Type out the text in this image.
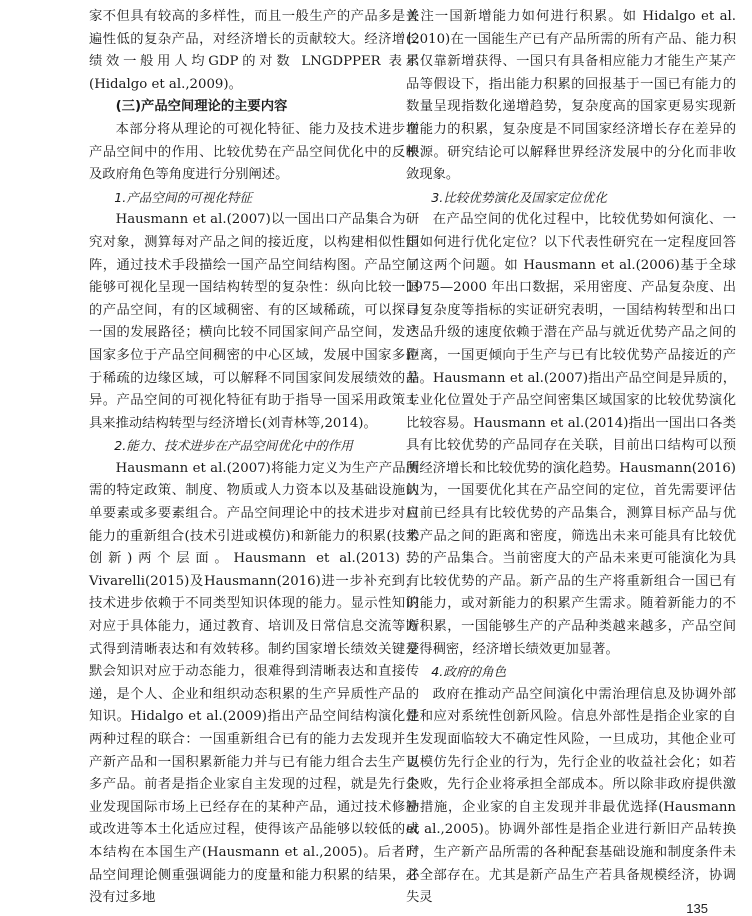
家不但具有较高的多样性，而且一般生产的产品多是普遍性低的复杂产品，对经济增长的贡献较大。经济增长绩效一般用人均GDP的对数 LNGDPPER 表示(Hidalgo et al.,2009)。

(三)产品空间理论的主要内容

本部分将从理论的可视化特征、能力及技术进步在产品空间中的作用、比较优势在产品空间优化中的反映及政府角色等角度进行分别阐述。

1.产品空间的可视化特征

Hausmann et al.(2007)以一国出口产品集合为研究对象，测算每对产品之间的接近度，以构建相似性矩阵，通过技术手段描绘一国产品空间结构图。产品空间能够可视化呈现一国结构转型的复杂性：纵向比较一国的产品空间，有的区域稠密、有的区域稀疏，可以探寻一国的发展路径；横向比较不同国家间产品空间，发达国家多位于产品空间稠密的中心区域，发展中国家多位于稀疏的边缘区域，可以解释不同国家间发展绩效的差异。产品空间的可视化特征有助于指导一国采用政策工具来推动结构转型与经济增长(刘青林等,2014)。

2.能力、技术进步在产品空间优化中的作用

Hausmann et al.(2007)将能力定义为生产产品所需的特定政策、制度、物质或人力资本以及基础设施的单要素或多要素组合。产品空间理论中的技术进步对应能力的重新组合(技术引进或模仿)和新能力的积累(技术创新)两个层面。Hausmann et al.(2013)、Vivarelli(2015)及Hausmann(2016)进一步补充到，技术进步依赖于不同类型知识体现的能力。显示性知识对应于具体能力，通过教育、培训及日常信息交流等方式得到清晰表达和有效转移。制约国家增长绩效关键是默会知识对应于动态能力，很难得到清晰表达和直接传递，是个人、企业和组织动态积累的生产异质性产品的知识。Hidalgo et al.(2009)指出产品空间结构演化是两种过程的联合：一国重新组合已有的能力去发现并生产新产品和一国积累新能力并与已有能力组合去生产更多产品。前者是指企业家自主发现的过程，就是先行企业发现国际市场上已经存在的某种产品，通过技术修补或改进等本土化适应过程，使得该产品能够以较低的成本结构在本国生产(Hausmann et al.,2005)。后者产品空间理论侧重强调能力的度量和能力积累的结果，并没有过多地

关注一国新增能力如何进行积累。如 Hidalgo et al.(2010)在一国能生产已有产品所需的所有产品、能力积累仅靠新增获得、一国只有具备相应能力才能生产某产品等假设下，指出能力积累的回报基于一国已有能力的数量呈现指数化递增趋势，复杂度高的国家更易实现新增能力的积累，复杂度是不同国家经济增长存在差异的根源。研究结论可以解释世界经济发展中的分化而非收敛现象。

3.比较优势演化及国家定位优化

在产品空间的优化过程中，比较优势如何演化、一国如何进行优化定位？以下代表性研究在一定程度回答了这两个问题。如 Hausmann et al.(2006)基于全球 1975—2000 年出口数据，采用密度、产品复杂度、出口复杂度等指标的实证研究表明，一国结构转型和出口产品升级的速度依赖于潜在产品与就近优势产品之间的距离，一国更倾向于生产与已有比较优势产品接近的产品。Hausmann et al.(2007)指出产品空间是异质的，专业化位置处于产品空间密集区域国家的比较优势演化比较容易。Hausmann et al.(2014)指出一国出口各类具有比较优势的产品同存在关联，目前出口结构可以预测经济增长和比较优势的演化趋势。Hausmann(2016)认为，一国要优化其在产品空间的定位，首先需要评估目前已经具有比较优势的产品集合，测算目标产品与优势产品之间的距离和密度，筛选出未来可能具有比较优势的产品集合。当前密度大的产品未来更可能演化为具有比较优势的产品。新产品的生产将重新组合一国已有的能力，或对新能力的积累产生需求。随着新能力的不断积累，一国能够生产的产品种类越来越多，产品空间变得稠密，经济增长绩效更加显著。

4.政府的角色

政府在推动产品空间演化中需治理信息及协调外部性和应对系统性创新风险。信息外部性是指企业家的自主发现面临较大不确定性风险，一旦成功，其他企业可以模仿先行企业的行为，先行企业的收益社会化；如若失败，先行企业将承担全部成本。所以除非政府提供激励措施，企业家的自主发现并非最优选择(Hausmann et al.,2005)。协调外部性是指企业进行新旧产品转换时，生产新产品所需的各种配套基础设施和制度条件未必全部存在。尤其是新产品生产若具备规模经济，协调失灵

135
